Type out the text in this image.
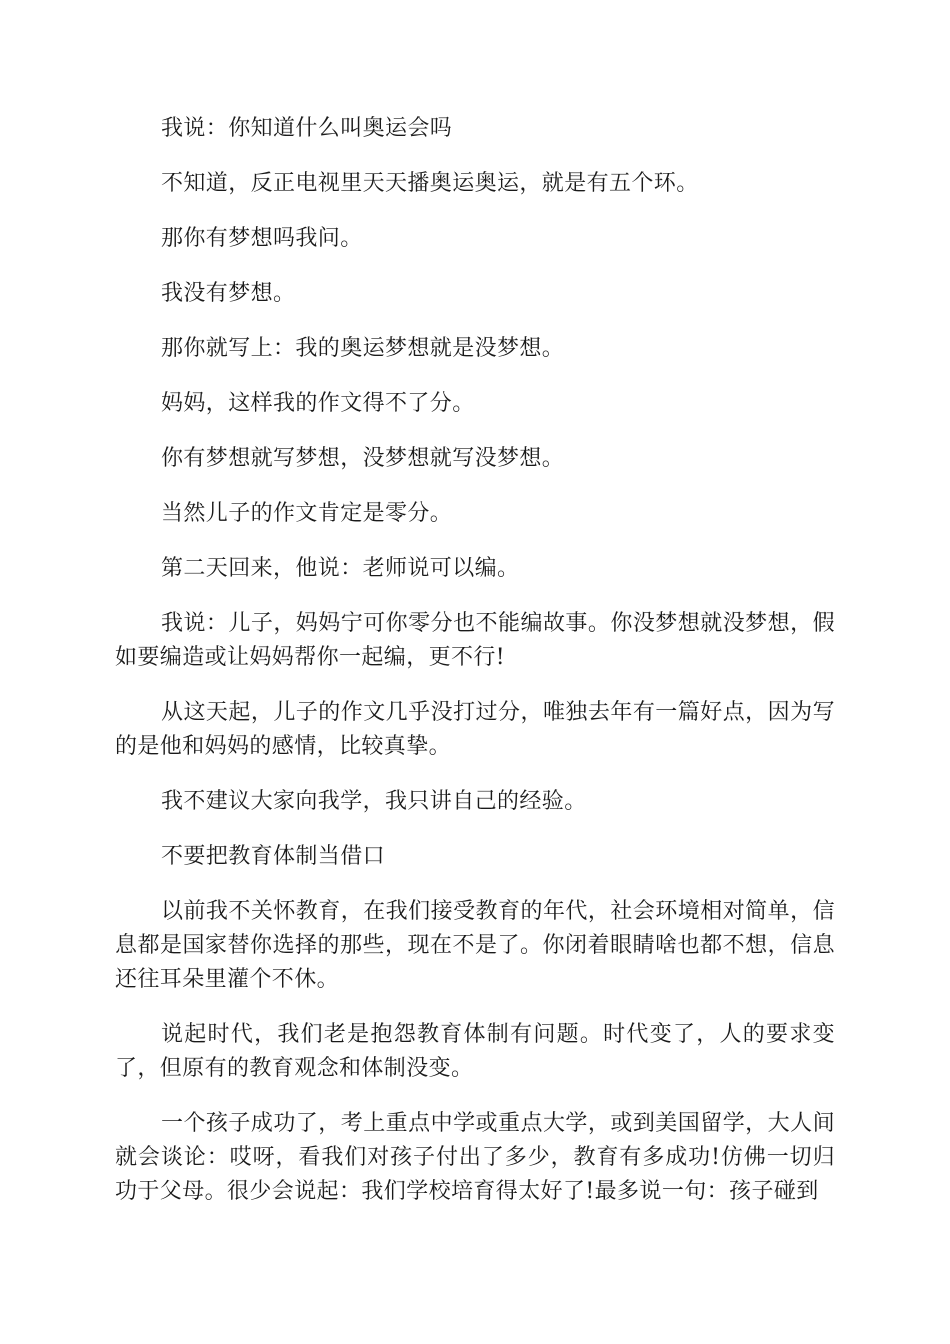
我说：你知道什么叫奥运会吗

不知道，反正电视里天天播奥运奥运，就是有五个环。

那你有梦想吗我问。

我没有梦想。

那你就写上：我的奥运梦想就是没梦想。

妈妈，这样我的作文得不了分。

你有梦想就写梦想，没梦想就写没梦想。

当然儿子的作文肯定是零分。

第二天回来，他说：老师说可以编。

我说：儿子，妈妈宁可你零分也不能编故事。你没梦想就没梦想，假如要编造或让妈妈帮你一起编，更不行!

从这天起，儿子的作文几乎没打过分，唯独去年有一篇好点，因为写的是他和妈妈的感情，比较真挚。

我不建议大家向我学，我只讲自己的经验。

不要把教育体制当借口

以前我不关怀教育，在我们接受教育的年代，社会环境相对简单，信息都是国家替你选择的那些，现在不是了。你闭着眼睛啥也都不想，信息还往耳朵里灌个不休。

说起时代，我们老是抱怨教育体制有问题。时代变了，人的要求变了，但原有的教育观念和体制没变。

一个孩子成功了，考上重点中学或重点大学，或到美国留学，大人间就会谈论：哎呀，看我们对孩子付出了多少，教育有多成功!仿佛一切归功于父母。很少会说起：我们学校培育得太好了!最多说一句：孩子碰到
